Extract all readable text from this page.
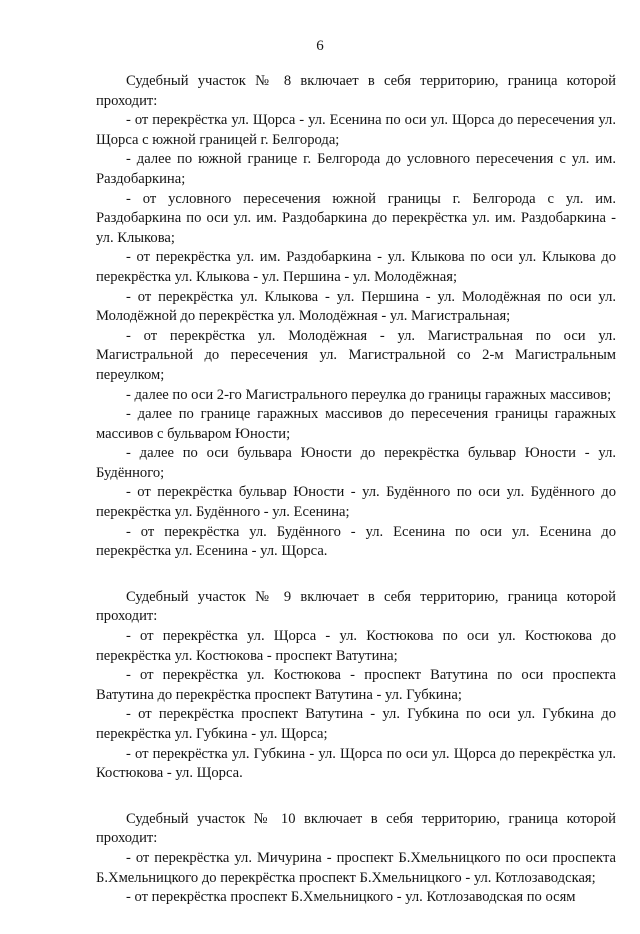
6

Судебный участок № 8 включает в себя территорию, граница которой проходит:

- от перекрёстка ул. Щорса - ул. Есенина по оси ул. Щорса до пересечения ул. Щорса с южной границей г. Белгорода;

- далее по южной границе г. Белгорода до условного пересечения с ул. им. Раздобаркина;

- от условного пересечения южной границы г. Белгорода с ул. им. Раздобаркина по оси ул. им. Раздобаркина до перекрёстка ул. им. Раздобаркина - ул. Клыкова;

- от перекрёстка ул. им. Раздобаркина - ул. Клыкова по оси ул. Клыкова до перекрёстка ул. Клыкова - ул. Першина - ул. Молодёжная;

- от перекрёстка ул. Клыкова - ул. Першина - ул. Молодёжная по оси ул. Молодёжной до перекрёстка ул. Молодёжная - ул. Магистральная;

- от перекрёстка ул. Молодёжная - ул. Магистральная по оси ул. Магистральной до пересечения ул. Магистральной со 2-м Магистральным переулком;

- далее по оси 2-го Магистрального переулка до границы гаражных массивов;

- далее по границе гаражных массивов до пересечения границы гаражных массивов с бульваром Юности;

- далее по оси бульвара Юности до перекрёстка бульвар Юности - ул. Будённого;

- от перекрёстка бульвар Юности - ул. Будённого по оси ул. Будённого до перекрёстка ул. Будённого - ул. Есенина;

- от перекрёстка ул. Будённого - ул. Есенина по оси ул. Есенина до перекрёстка ул. Есенина - ул. Щорса.

Судебный участок № 9 включает в себя территорию, граница которой проходит:

- от перекрёстка ул. Щорса - ул. Костюкова по оси ул. Костюкова до перекрёстка ул. Костюкова - проспект Ватутина;

- от перекрёстка ул. Костюкова - проспект Ватутина по оси проспекта Ватутина до перекрёстка проспект Ватутина - ул. Губкина;

- от перекрёстка проспект Ватутина - ул. Губкина по оси ул. Губкина до перекрёстка ул. Губкина - ул. Щорса;

- от перекрёстка ул. Губкина - ул. Щорса по оси ул. Щорса до перекрёстка ул. Костюкова - ул. Щорса.

Судебный участок № 10 включает в себя территорию, граница которой проходит:

- от перекрёстка ул. Мичурина - проспект Б.Хмельницкого по оси проспекта Б.Хмельницкого до перекрёстка проспект Б.Хмельницкого - ул. Котлозаводская;

- от перекрёстка проспект Б.Хмельницкого - ул. Котлозаводская по осям
